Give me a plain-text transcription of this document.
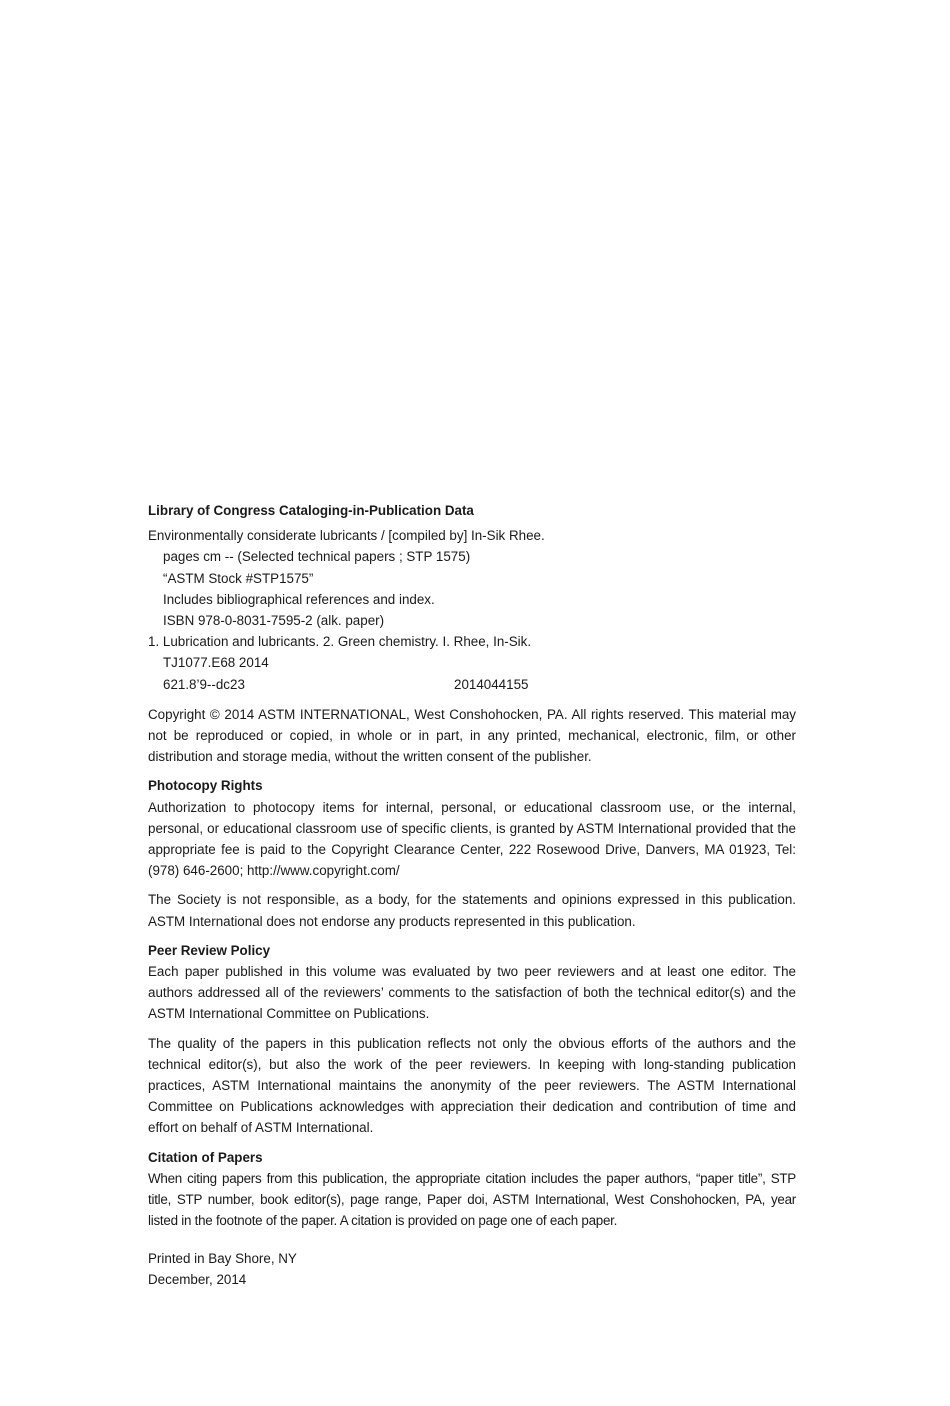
Library of Congress Cataloging-in-Publication Data

Environmentally considerate lubricants / [compiled by] In-Sik Rhee.

pages cm -- (Selected technical papers ; STP 1575)

“ASTM Stock #STP1575”

Includes bibliographical references and index.

ISBN 978-0-8031-7595-2 (alk. paper)

1. Lubrication and lubricants. 2. Green chemistry. I. Rhee, In-Sik.

TJ1077.E68 2014

621.8’9--dc23	2014044155

Copyright © 2014 ASTM INTERNATIONAL, West Conshohocken, PA. All rights reserved. This material may not be reproduced or copied, in whole or in part, in any printed, mechanical, electronic, film, or other distribution and storage media, without the written consent of the publisher.

Photocopy Rights

Authorization to photocopy items for internal, personal, or educational classroom use, or the internal, personal, or educational classroom use of specific clients, is granted by ASTM International provided that the appropriate fee is paid to the Copyright Clearance Center, 222 Rosewood Drive, Danvers, MA 01923, Tel: (978) 646-2600; http://www.copyright.com/

The Society is not responsible, as a body, for the statements and opinions expressed in this publication. ASTM International does not endorse any products represented in this publication.

Peer Review Policy

Each paper published in this volume was evaluated by two peer reviewers and at least one editor. The authors addressed all of the reviewers’ comments to the satisfaction of both the technical editor(s) and the ASTM International Committee on Publications.

The quality of the papers in this publication reflects not only the obvious efforts of the authors and the technical editor(s), but also the work of the peer reviewers. In keeping with long-standing publication practices, ASTM International maintains the anonymity of the peer reviewers. The ASTM International Committee on Publications acknowledges with appreciation their dedication and contribution of time and effort on behalf of ASTM International.

Citation of Papers

When citing papers from this publication, the appropriate citation includes the paper authors, “paper title”, STP title, STP number, book editor(s), page range, Paper doi, ASTM International, West Conshohocken, PA, year listed in the footnote of the paper. A citation is provided on page one of each paper.

Printed in Bay Shore, NY

December, 2014
